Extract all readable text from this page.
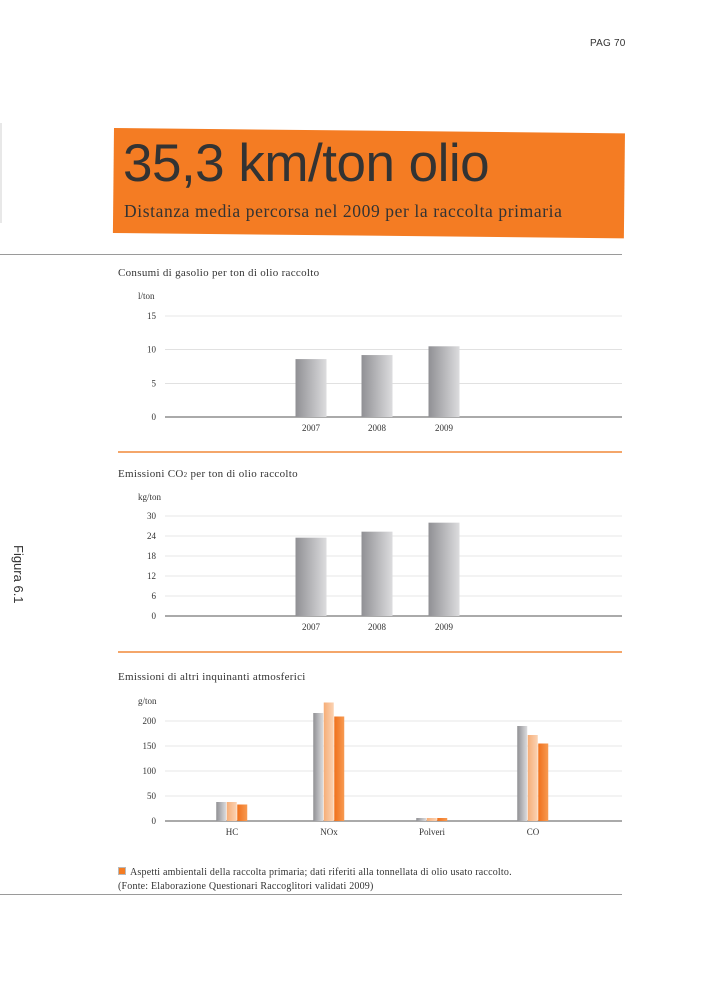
PAG 70
35,3 km/ton olio
Distanza media percorsa nel 2009 per la raccolta primaria
Consumi di gasolio per ton di olio raccolto
l/ton
0
5
10
15
2007	2008	2009
Emissioni CO2 per ton di olio raccolto
kg/ton
0
6
12
18
24
30
2007	2008	2009
Emissioni di altri inquinanti atmosferici
g/ton
0
50
100
150
200
HC	NOx	Polveri	CO
Figura 6.1
Aspetti ambientali della raccolta primaria; dati riferiti alla tonnellata di olio usato raccolto.
(Fonte: Elaborazione Questionari Raccoglitori validati 2009)
